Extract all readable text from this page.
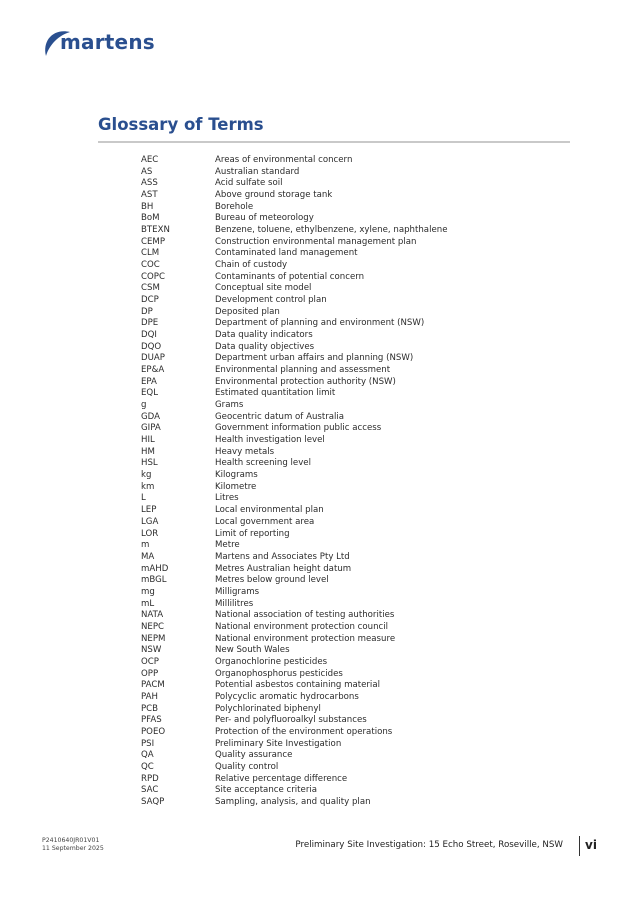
martens
Glossary of Terms
AEC	Areas of environmental concern
AS	Australian standard
ASS	Acid sulfate soil
AST	Above ground storage tank
BH	Borehole
BoM	Bureau of meteorology
BTEXN	Benzene, toluene, ethylbenzene, xylene, naphthalene
CEMP	Construction environmental management plan
CLM	Contaminated land management
COC	Chain of custody
COPC	Contaminants of potential concern
CSM	Conceptual site model
DCP	Development control plan
DP	Deposited plan
DPE	Department of planning and environment (NSW)
DQI	Data quality indicators
DQO	Data quality objectives
DUAP	Department urban affairs and planning (NSW)
EP&A	Environmental planning and assessment
EPA	Environmental protection authority (NSW)
EQL	Estimated quantitation limit
g	Grams
GDA	Geocentric datum of Australia
GIPA	Government information public access
HIL	Health investigation level
HM	Heavy metals
HSL	Health screening level
kg	Kilograms
km	Kilometre
L	Litres
LEP	Local environmental plan
LGA	Local government area
LOR	Limit of reporting
m	Metre
MA	Martens and Associates Pty Ltd
mAHD	Metres Australian height datum
mBGL	Metres below ground level
mg	Milligrams
mL	Millilitres
NATA	National association of testing authorities
NEPC	National environment protection council
NEPM	National environment protection measure
NSW	New South Wales
OCP	Organochlorine pesticides
OPP	Organophosphorus pesticides
PACM	Potential asbestos containing material
PAH	Polycyclic aromatic hydrocarbons
PCB	Polychlorinated biphenyl
PFAS	Per- and polyfluoroalkyl substances
POEO	Protection of the environment operations
PSI	Preliminary Site Investigation
QA	Quality assurance
QC	Quality control
RPD	Relative percentage difference
SAC	Site acceptance criteria
SAQP	Sampling, analysis, and quality plan
P2410640JR01V01
11 September 2025	Preliminary Site Investigation: 15 Echo Street, Roseville, NSW vi
